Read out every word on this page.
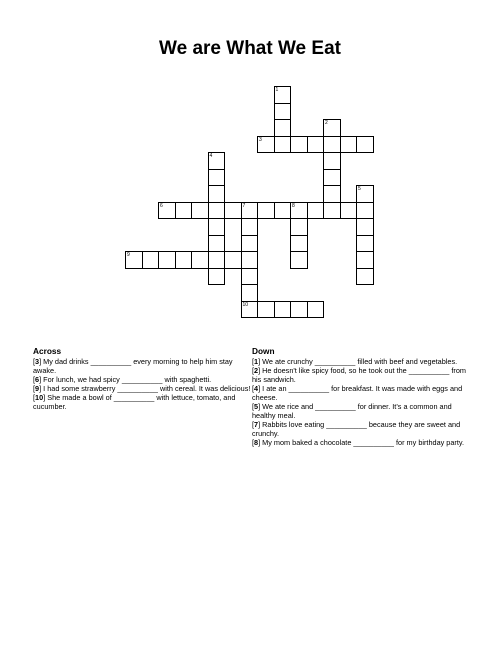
We are What We Eat
1
2
3
4
5
6	7	8
10
9
Across
[3] My dad drinks __________ every morning to help him stay awake.
[6] For lunch, we had spicy __________ with spaghetti.
[9] I had some strawberry __________ with cereal. It was delicious!
[10] She made a bowl of __________ with lettuce, tomato, and cucumber.
Down
[1] We ate crunchy __________ filled with beef and vegetables.
[2] He doesn't like spicy food, so he took out the __________ from his sandwich.
[4] I ate an __________ for breakfast. It was made with eggs and cheese.
[5] We ate rice and __________ for dinner. It’s a common and healthy meal.
[7] Rabbits love eating __________ because they are sweet and crunchy.
[8] My mom baked a chocolate __________ for my birthday party.
